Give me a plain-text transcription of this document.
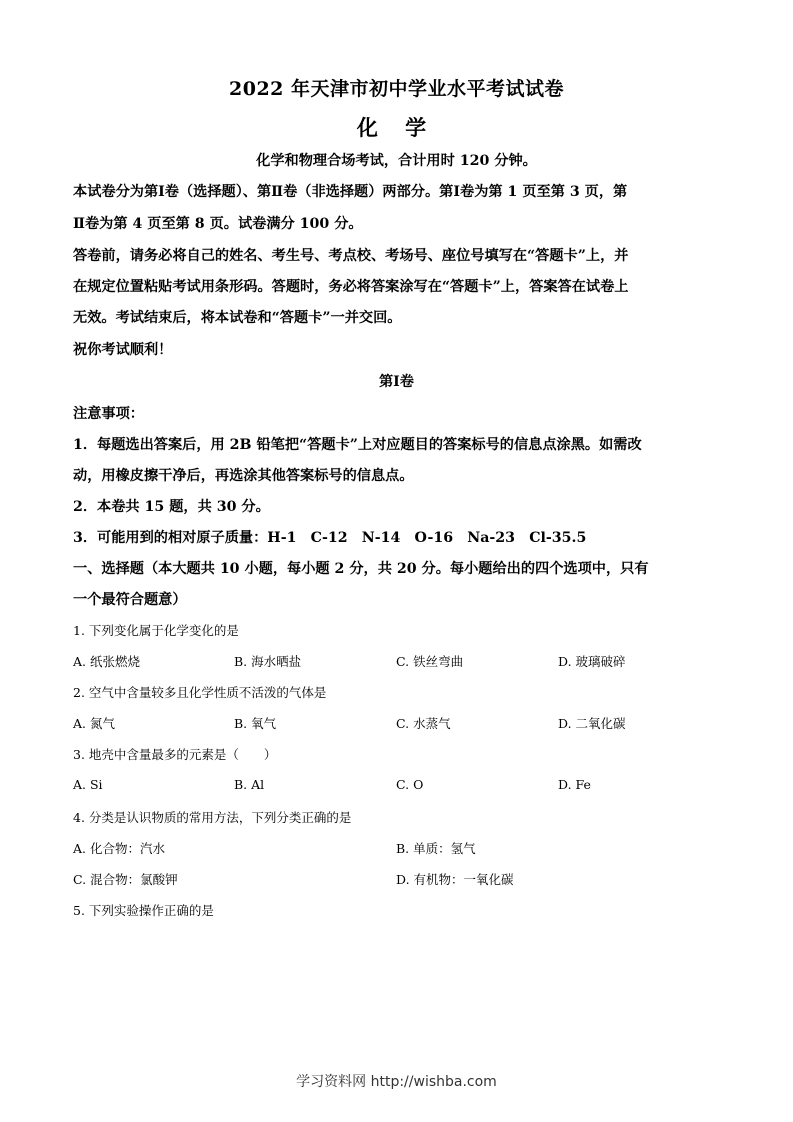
2022 年天津市初中学业水平考试试卷
化 学
化学和物理合场考试，合计用时 120 分钟。
本试卷分为第Ⅰ卷（选择题）、第Ⅱ卷（非选择题）两部分。第Ⅰ卷为第 1 页至第 3 页，第
Ⅱ卷为第 4 页至第 8 页。试卷满分 100 分。
答卷前，请务必将自己的姓名、考生号、考点校、考场号、座位号填写在“答题卡”上，并
在规定位置粘贴考试用条形码。答题时，务必将答案涂写在“答题卡”上，答案答在试卷上
无效。考试结束后，将本试卷和“答题卡”一并交回。
祝你考试顺利！
第Ⅰ卷
注意事项：
1．每题选出答案后，用 2B 铅笔把“答题卡”上对应题目的答案标号的信息点涂黑。如需改
动，用橡皮擦干净后，再选涂其他答案标号的信息点。
2．本卷共 15 题，共 30 分。
3．可能用到的相对原子质量：H-1　C-12　N-14　O-16　Na-23　Cl-35.5
一、选择题（本大题共 10 小题，每小题 2 分，共 20 分。每小题给出的四个选项中，只有
一个最符合题意）
1. 下列变化属于化学变化的是
A. 纸张燃烧	B. 海水晒盐	C. 铁丝弯曲	D. 玻璃破碎
2. 空气中含量较多且化学性质不活泼的气体是
A. 氮气	B. 氧气	C. 水蒸气	D. 二氧化碳
3. 地壳中含量最多的元素是（　　）
A. Si	B. Al	C. O	D. Fe
4. 分类是认识物质的常用方法，下列分类正确的是
A. 化合物：汽水	B. 单质：氢气
C. 混合物：氯酸钾	D. 有机物：一氧化碳
5. 下列实验操作正确的是
学习资料网 http://wishba.com
